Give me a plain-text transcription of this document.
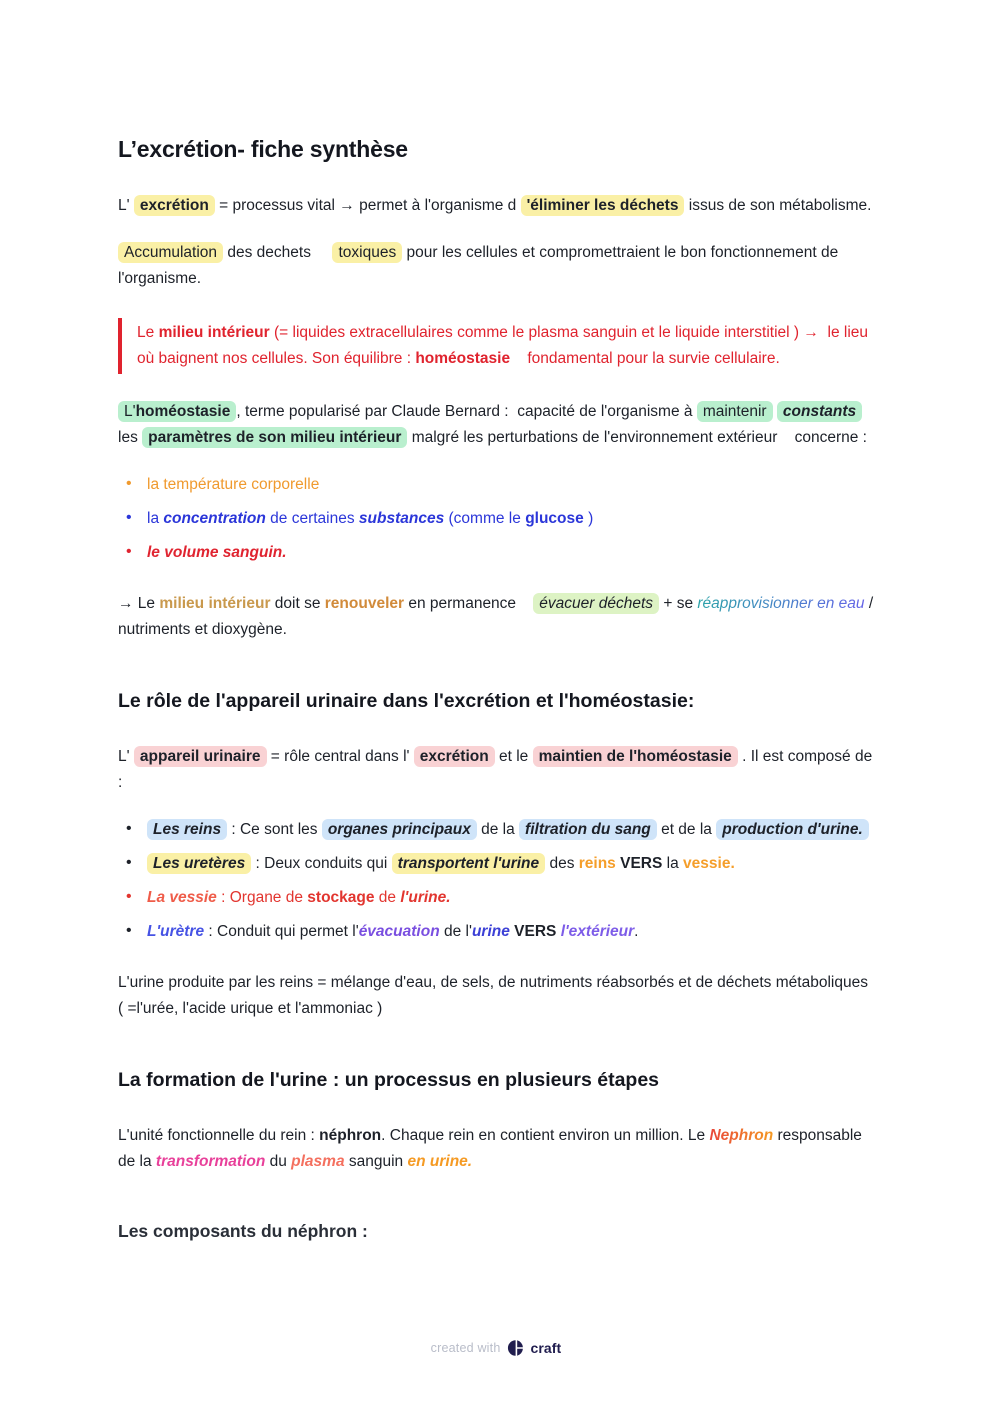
L’excrétion- fiche synthèse

L' excrétion = processus vital → permet à l'organisme d 'éliminer les déchets issus de son métabolisme.

Accumulation des dechets     toxiques pour les cellules et compromettraient le bon fonctionnement de l'organisme.

Le milieu intérieur (= liquides extracellulaires comme le plasma sanguin et le liquide interstitiel ) →  le lieu où baignent nos cellules. Son équilibre : homéostasie    fondamental pour la survie cellulaire.

L'homéostasie , terme popularisé par Claude Bernard :  capacité de l'organisme à maintenir constants les paramètres de son milieu intérieur malgré les perturbations de l'environnement extérieur    concerne :

• la température corporelle
• la concentration de certaines substances (comme le glucose )
• le volume sanguin.

→ Le milieu intérieur doit se renouveler en permanence    évacuer déchets + se réapprovisionner en eau / nutriments et dioxygène.

Le rôle de l'appareil urinaire dans l'excrétion et l'homéostasie:

L' appareil urinaire = rôle central dans l' excrétion et le maintien de l'homéostasie . Il est composé de :

• Les reins : Ce sont les organes principaux de la filtration du sang et de la production d'urine.
• Les uretères : Deux conduits qui transportent l'urine des reins VERS la vessie.
• La vessie : Organe de stockage de l'urine.
• L'urètre : Conduit qui permet l'évacuation de l'urine VERS l'extérieur.

L'urine produite par les reins = mélange d'eau, de sels, de nutriments réabsorbés et de déchets métaboliques ( =l'urée, l'acide urique et l'ammoniac )

La formation de l'urine : un processus en plusieurs étapes

L'unité fonctionnelle du rein : néphron. Chaque rein en contient environ un million. Le Nephron responsable de la transformation du plasma sanguin en urine.

Les composants du néphron :
created with craft
